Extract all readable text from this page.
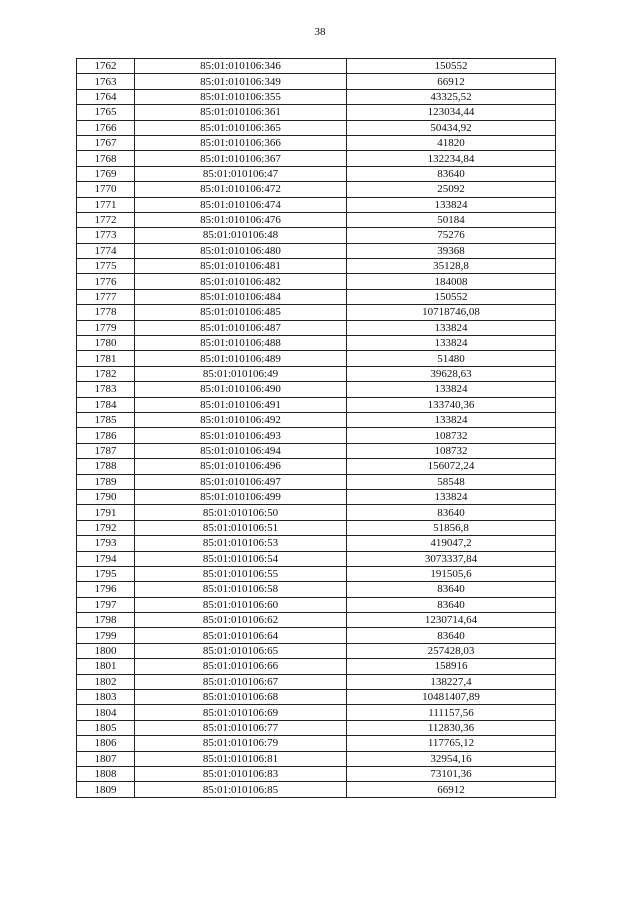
38
1762	85:01:010106:346	150552
1763	85:01:010106:349	66912
1764	85:01:010106:355	43325,52
1765	85:01:010106:361	123034,44
1766	85:01:010106:365	50434,92
1767	85:01:010106:366	41820
1768	85:01:010106:367	132234,84
1769	85:01:010106:47	83640
1770	85:01:010106:472	25092
1771	85:01:010106:474	133824
1772	85:01:010106:476	50184
1773	85:01:010106:48	75276
1774	85:01:010106:480	39368
1775	85:01:010106:481	35128,8
1776	85:01:010106:482	184008
1777	85:01:010106:484	150552
1778	85:01:010106:485	10718746,08
1779	85:01:010106:487	133824
1780	85:01:010106:488	133824
1781	85:01:010106:489	51480
1782	85:01:010106:49	39628,63
1783	85:01:010106:490	133824
1784	85:01:010106:491	133740,36
1785	85:01:010106:492	133824
1786	85:01:010106:493	108732
1787	85:01:010106:494	108732
1788	85:01:010106:496	156072,24
1789	85:01:010106:497	58548
1790	85:01:010106:499	133824
1791	85:01:010106:50	83640
1792	85:01:010106:51	51856,8
1793	85:01:010106:53	419047,2
1794	85:01:010106:54	3073337,84
1795	85:01:010106:55	191505,6
1796	85:01:010106:58	83640
1797	85:01:010106:60	83640
1798	85:01:010106:62	1230714,64
1799	85:01:010106:64	83640
1800	85:01:010106:65	257428,03
1801	85:01:010106:66	158916
1802	85:01:010106:67	138227,4
1803	85:01:010106:68	10481407,89
1804	85:01:010106:69	111157,56
1805	85:01:010106:77	112830,36
1806	85:01:010106:79	117765,12
1807	85:01:010106:81	32954,16
1808	85:01:010106:83	73101,36
1809	85:01:010106:85	66912
